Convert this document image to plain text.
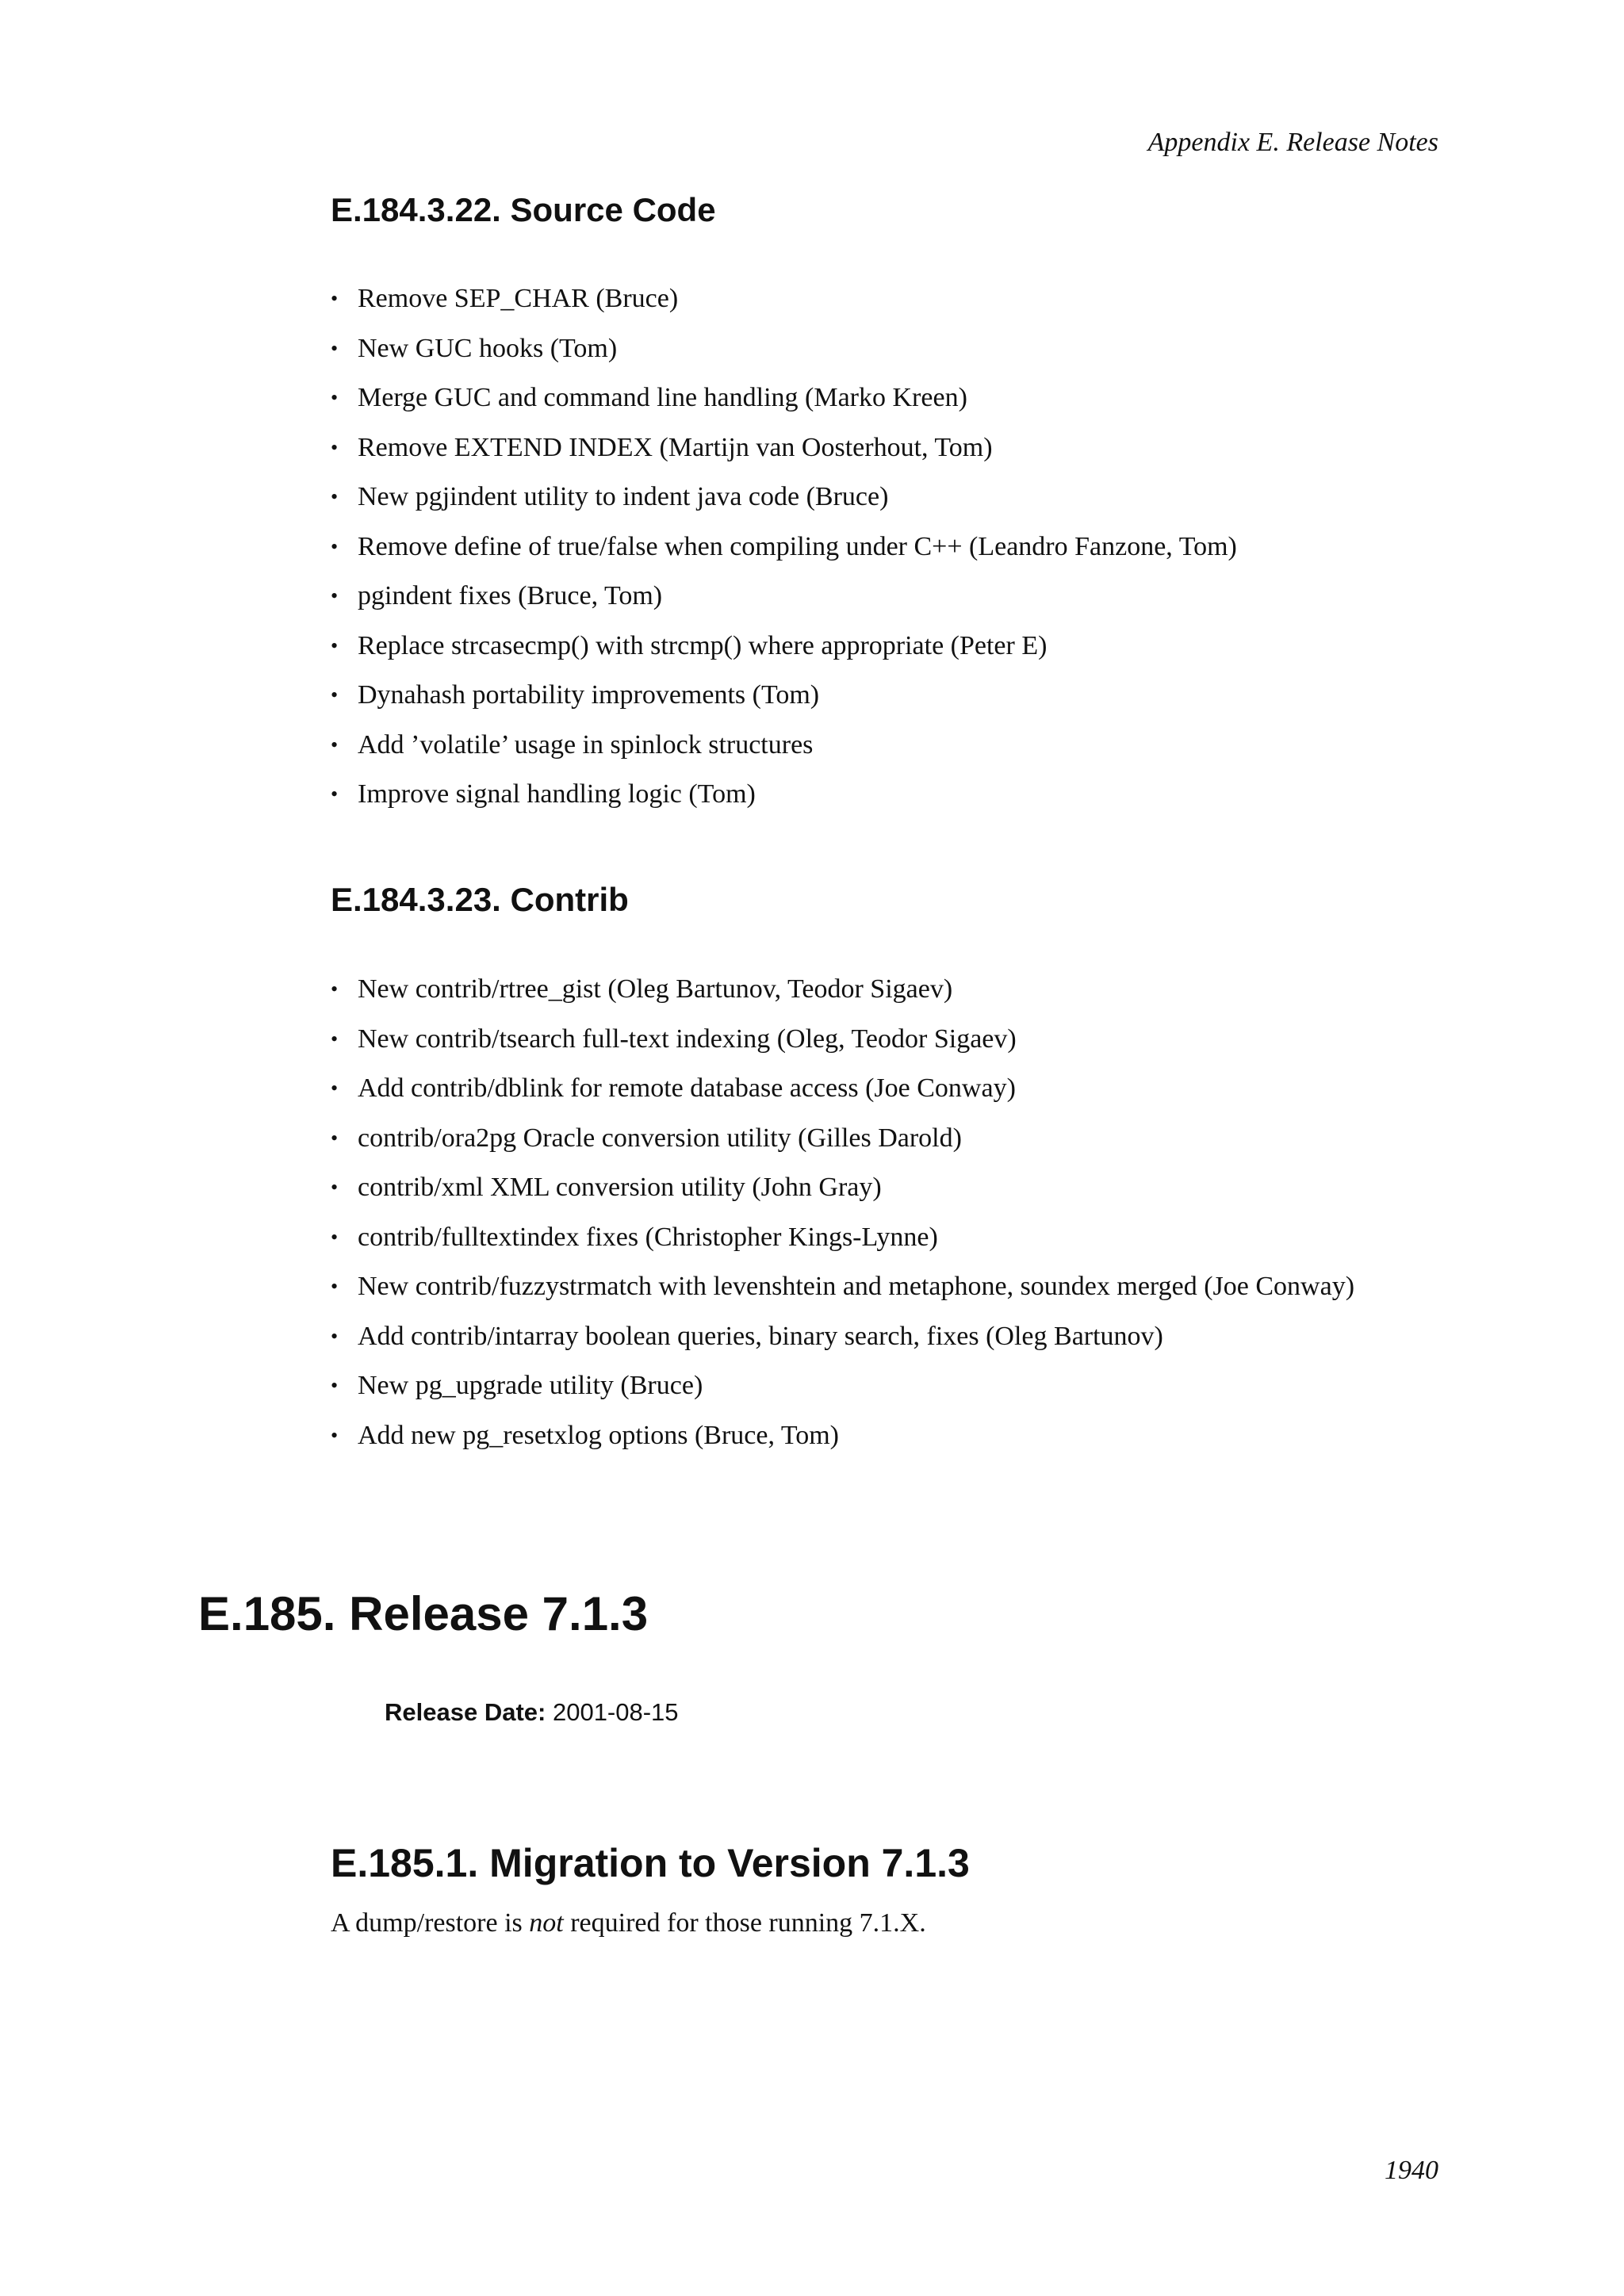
Appendix E. Release Notes
E.184.3.22. Source Code
• Remove SEP_CHAR (Bruce)
• New GUC hooks (Tom)
• Merge GUC and command line handling (Marko Kreen)
• Remove EXTEND INDEX (Martijn van Oosterhout, Tom)
• New pgjindent utility to indent java code (Bruce)
• Remove define of true/false when compiling under C++ (Leandro Fanzone, Tom)
• pgindent fixes (Bruce, Tom)
• Replace strcasecmp() with strcmp() where appropriate (Peter E)
• Dynahash portability improvements (Tom)
• Add ’volatile’ usage in spinlock structures
• Improve signal handling logic (Tom)
E.184.3.23. Contrib
• New contrib/rtree_gist (Oleg Bartunov, Teodor Sigaev)
• New contrib/tsearch full-text indexing (Oleg, Teodor Sigaev)
• Add contrib/dblink for remote database access (Joe Conway)
• contrib/ora2pg Oracle conversion utility (Gilles Darold)
• contrib/xml XML conversion utility (John Gray)
• contrib/fulltextindex fixes (Christopher Kings-Lynne)
• New contrib/fuzzystrmatch with levenshtein and metaphone, soundex merged (Joe Conway)
• Add contrib/intarray boolean queries, binary search, fixes (Oleg Bartunov)
• New pg_upgrade utility (Bruce)
• Add new pg_resetxlog options (Bruce, Tom)
E.185. Release 7.1.3
Release Date: 2001-08-15
E.185.1. Migration to Version 7.1.3

A dump/restore is not required for those running 7.1.X.

1940
